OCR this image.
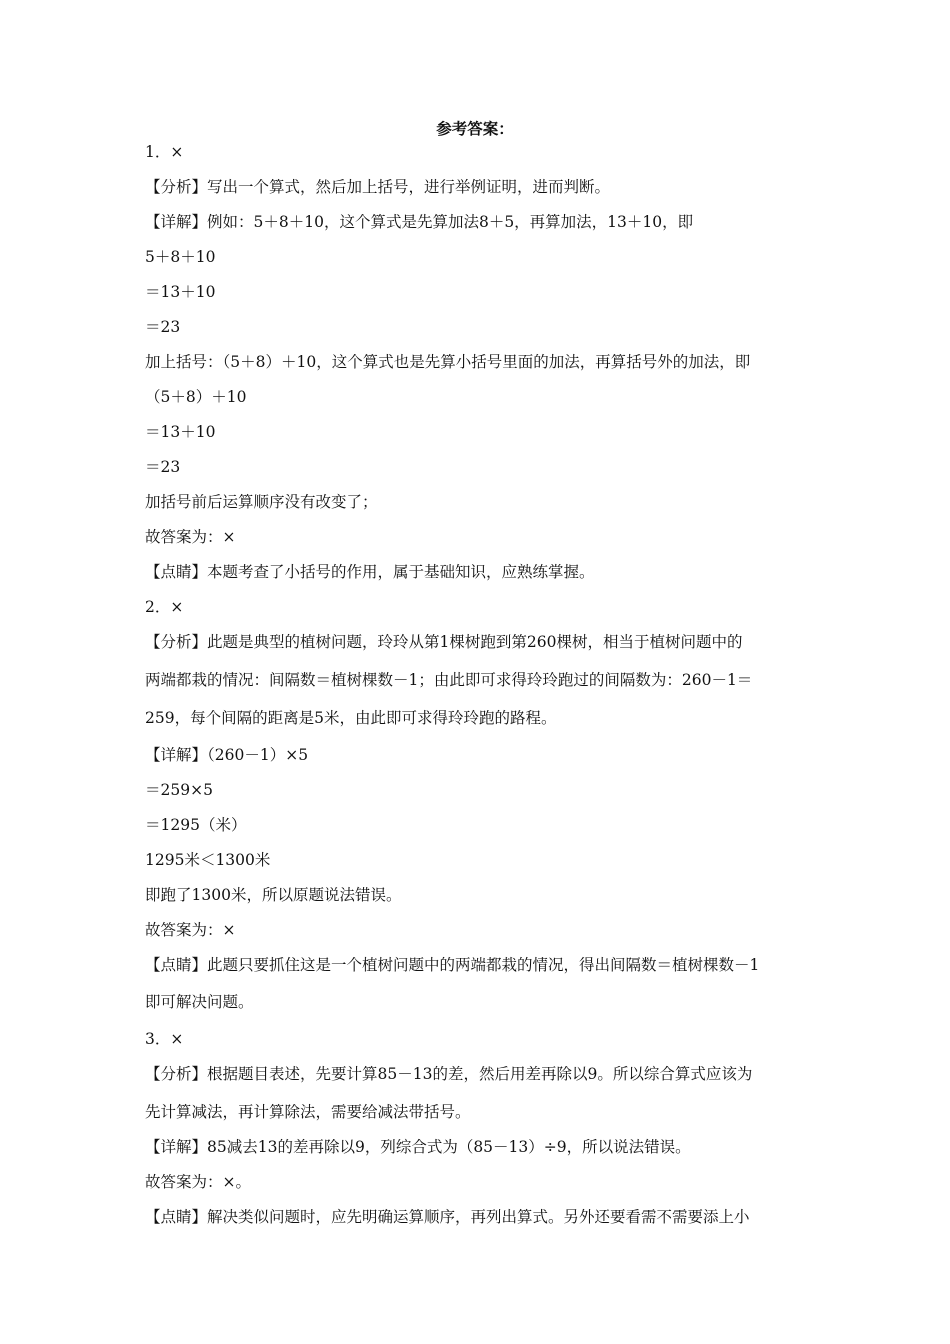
参考答案：
1．×
【分析】写出一个算式，然后加上括号，进行举例证明，进而判断。
【详解】例如：5＋8＋10，这个算式是先算加法8＋5，再算加法，13＋10，即
5＋8＋10
＝13＋10
＝23
加上括号：（5＋8）＋10，这个算式也是先算小括号里面的加法，再算括号外的加法，即
（5＋8）＋10
＝13＋10
＝23
加括号前后运算顺序没有改变了；
故答案为：×
【点睛】本题考查了小括号的作用，属于基础知识，应熟练掌握。
2．×
【分析】此题是典型的植树问题，玲玲从第1棵树跑到第260棵树，相当于植树问题中的
两端都栽的情况：间隔数＝植树棵数－1；由此即可求得玲玲跑过的间隔数为：260－1＝
259，每个间隔的距离是5米，由此即可求得玲玲跑的路程。
【详解】（260－1）×5
＝259×5
＝1295（米）
1295米＜1300米
即跑了1300米，所以原题说法错误。
故答案为：×
【点睛】此题只要抓住这是一个植树问题中的两端都栽的情况，得出间隔数＝植树棵数－1
即可解决问题。
3．×
【分析】根据题目表述，先要计算85－13的差，然后用差再除以9。所以综合算式应该为
先计算减法，再计算除法，需要给减法带括号。
【详解】85减去13的差再除以9，列综合式为（85－13）÷9，所以说法错误。
故答案为：×。
【点睛】解决类似问题时，应先明确运算顺序，再列出算式。另外还要看需不需要添上小
